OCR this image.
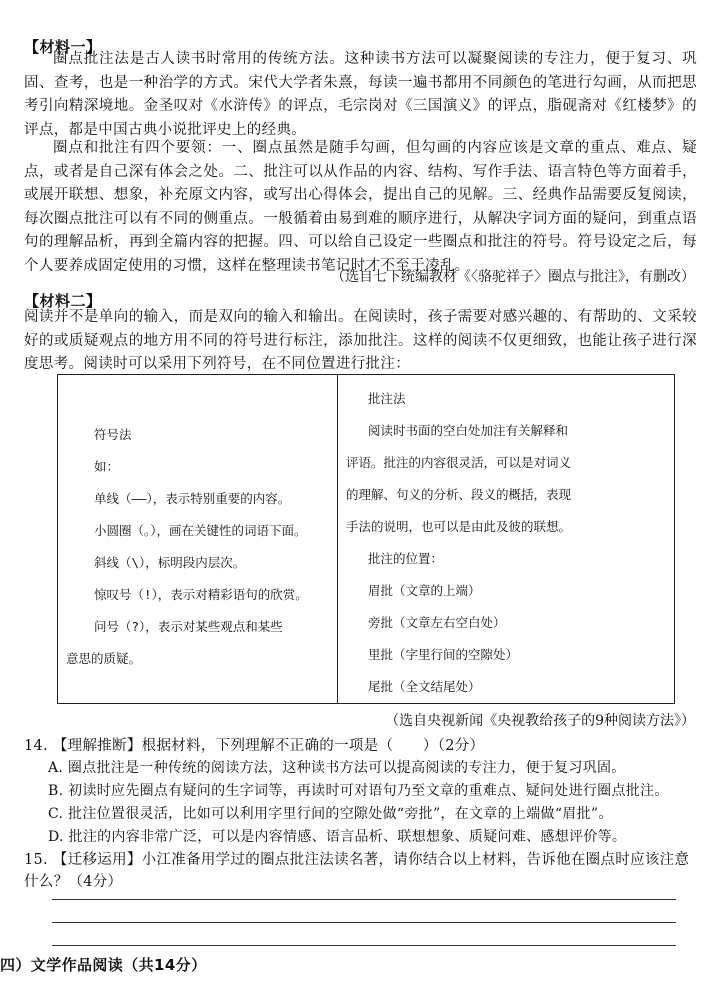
【材料一】
圈点批注法是古人读书时常用的传统方法。这种读书方法可以凝聚阅读的专注力，便于复习、巩固、查考，也是一种治学的方式。宋代大学者朱熹，每读一遍书都用不同颜色的笔进行勾画，从而把思考引向精深境地。金圣叹对《水浒传》的评点，毛宗岗对《三国演义》的评点，脂砚斋对《红楼梦》的评点，都是中国古典小说批评史上的经典。
圈点和批注有四个要领：一、圈点虽然是随手勾画，但勾画的内容应该是文章的重点、难点、疑点，或者是自己深有体会之处。二、批注可以从作品的内容、结构、写作手法、语言特色等方面着手，或展开联想、想象，补充原文内容，或写出心得体会，提出自己的见解。三、经典作品需要反复阅读，每次圈点批注可以有不同的侧重点。一般循着由易到难的顺序进行，从解决字词方面的疑问，到重点语句的理解品析，再到全篇内容的把握。四、可以给自己设定一些圈点和批注的符号。符号设定之后，每个人要养成固定使用的习惯，这样在整理读书笔记时才不至于凌乱。
（选自七下统编教材《〈骆驼祥子〉圈点与批注》，有删改）
【材料二】
阅读并不是单向的输入，而是双向的输入和输出。在阅读时，孩子需要对感兴趣的、有帮助的、文采较好的或质疑观点的地方用不同的符号进行标注，添加批注。这样的阅读不仅更细致，也能让孩子进行深度思考。阅读时可以采用下列符号，在不同位置进行批注：
符号法
如：
单线（——），表示特别重要的内容。
小圆圈（。），画在关键性的词语下面。
斜线（\），标明段内层次。
惊叹号（!），表示对精彩语句的欣赏。
问号（?），表示对某些观点和某些
意思的质疑。
批注法
阅读时书面的空白处加注有关解释和
评语。批注的内容很灵活，可以是对词义
的理解、句义的分析、段义的概括，表现
手法的说明，也可以是由此及彼的联想。
批注的位置：
眉批（文章的上端）
旁批（文章左右空白处）
里批（字里行间的空隙处）
尾批（全文结尾处）
（选自央视新闻《央视教给孩子的9种阅读方法》）
14. 【理解推断】根据材料，下列理解不正确的一项是（　　）（2分）
A. 圈点批注是一种传统的阅读方法，这种读书方法可以提高阅读的专注力，便于复习巩固。
B. 初读时应先圈点有疑问的生字词等，再读时可对语句乃至文章的重难点、疑问处进行圈点批注。
C. 批注位置很灵活，比如可以利用字里行间的空隙处做“旁批”，在文章的上端做“眉批”。
D. 批注的内容非常广泛，可以是内容情感、语言品析、联想想象、质疑问难、感想评价等。
15. 【迁移运用】小江准备用学过的圈点批注法读名著，请你结合以上材料，告诉他在圈点时应该注意
什么？（4分）
四）文学作品阅读（共14分）
